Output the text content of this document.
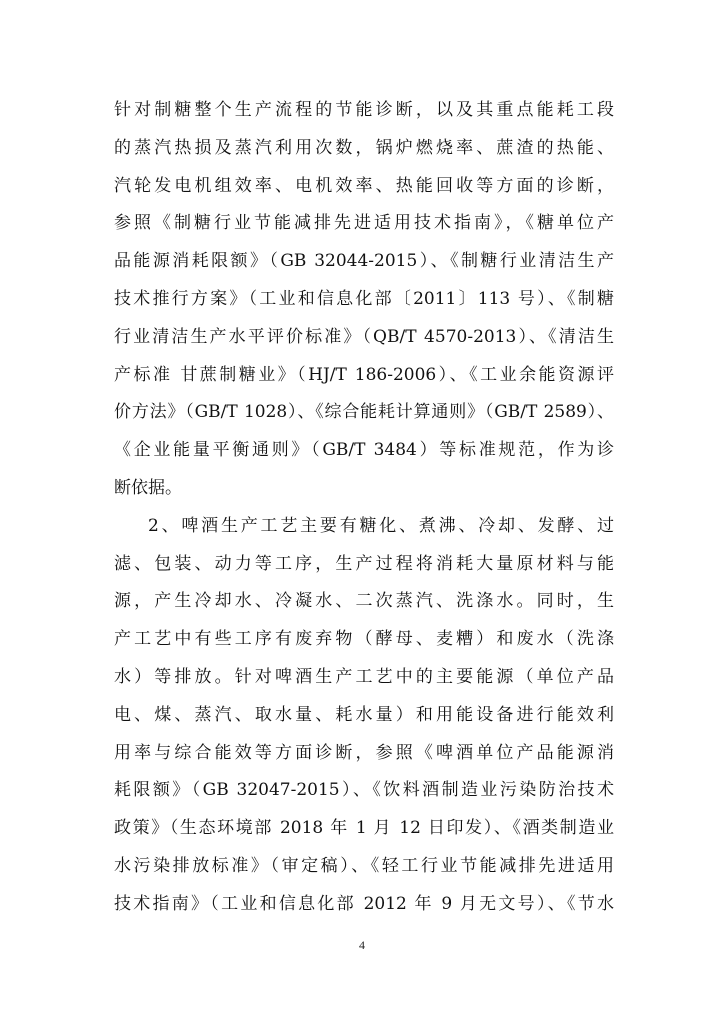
针对制糖整个生产流程的节能诊断，以及其重点能耗工段
的蒸汽热损及蒸汽利用次数，锅炉燃烧率、蔗渣的热能、
汽轮发电机组效率、电机效率、热能回收等方面的诊断，
参照《制糖行业节能减排先进适用技术指南》，《糖单位产
品能源消耗限额》（GB 32044-2015）、《制糖行业清洁生产
技术推行方案》（工业和信息化部〔2011〕113 号）、《制糖
行业清洁生产水平评价标准》（QB/T 4570-2013）、《清洁生
产标准 甘蔗制糖业》（HJ/T 186-2006）、《工业余能资源评
价方法》（GB/T 1028）、《综合能耗计算通则》（GB/T 2589）、
《企业能量平衡通则》（GB/T 3484）等标准规范，作为诊
断依据。
2、啤酒生产工艺主要有糖化、煮沸、冷却、发酵、过
滤、包装、动力等工序，生产过程将消耗大量原材料与能
源，产生冷却水、冷凝水、二次蒸汽、洗涤水。同时，生
产工艺中有些工序有废弃物（酵母、麦糟）和废水（洗涤
水）等排放。针对啤酒生产工艺中的主要能源（单位产品
电、煤、蒸汽、取水量、耗水量）和用能设备进行能效利
用率与综合能效等方面诊断，参照《啤酒单位产品能源消
耗限额》（GB 32047-2015）、《饮料酒制造业污染防治技术
政策》（生态环境部 2018 年 1 月 12 日印发）、《酒类制造业
水污染排放标准》（审定稿）、《轻工行业节能减排先进适用
技术指南》（工业和信息化部 2012 年 9 月无文号）、《节水
4
